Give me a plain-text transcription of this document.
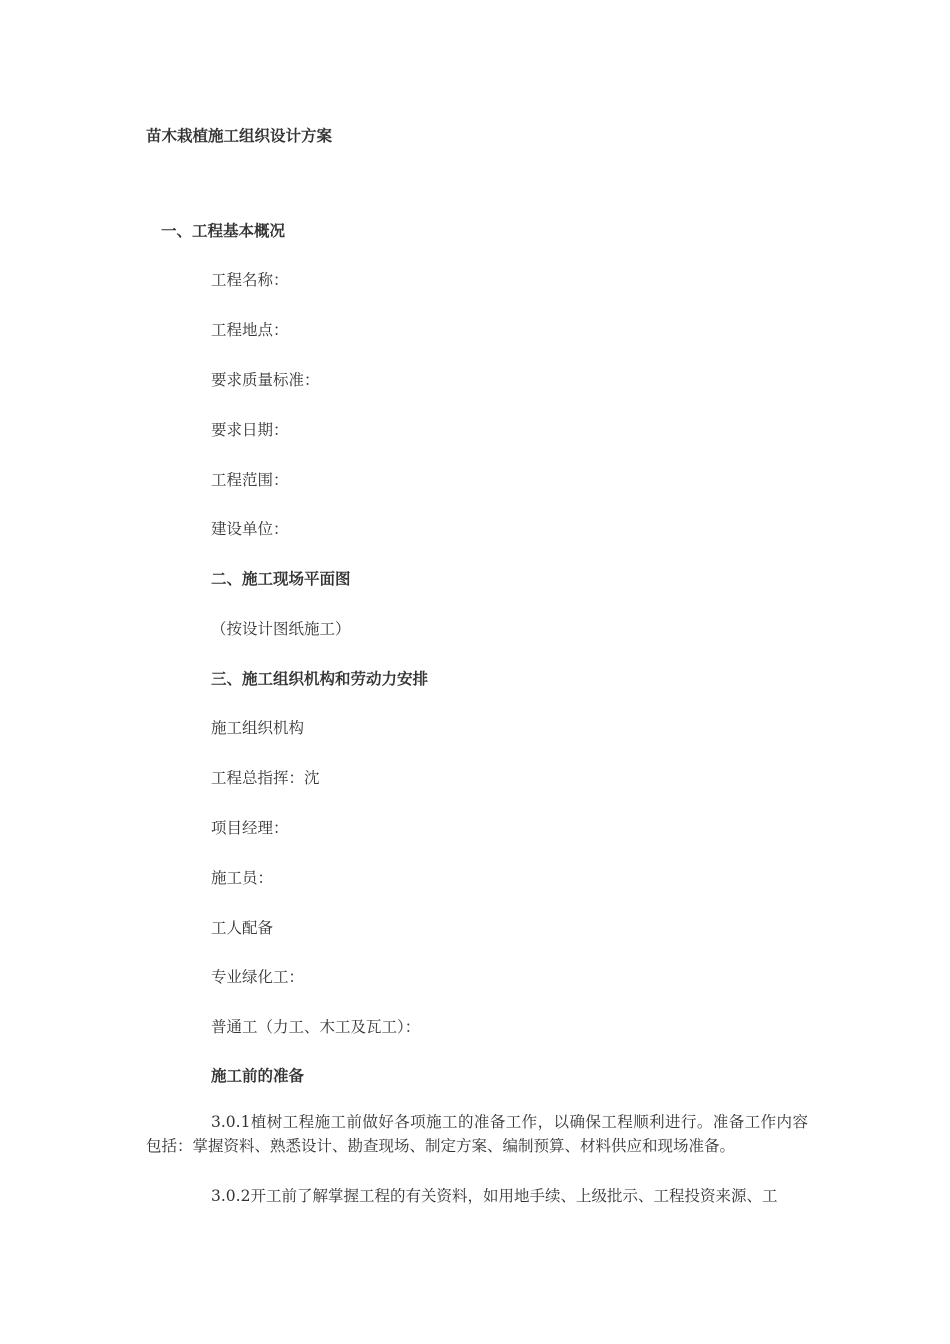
苗木栽植施工组织设计方案
一、工程基本概况
工程名称：
工程地点：
要求质量标准：
要求日期：
工程范围：
建设单位：
二、施工现场平面图
（按设计图纸施工）
三、施工组织机构和劳动力安排
施工组织机构
工程总指挥：沈
项目经理：
施工员：
工人配备
专业绿化工：
普通工（力工、木工及瓦工）：
施工前的准备

3.0.1植树工程施工前做好各项施工的准备工作，以确保工程顺利进行。准备工作内容包括：掌握资料、熟悉设计、勘查现场、制定方案、编制预算、材料供应和现场准备。

3.0.2开工前了解掌握工程的有关资料，如用地手续、上级批示、工程投资来源、工
